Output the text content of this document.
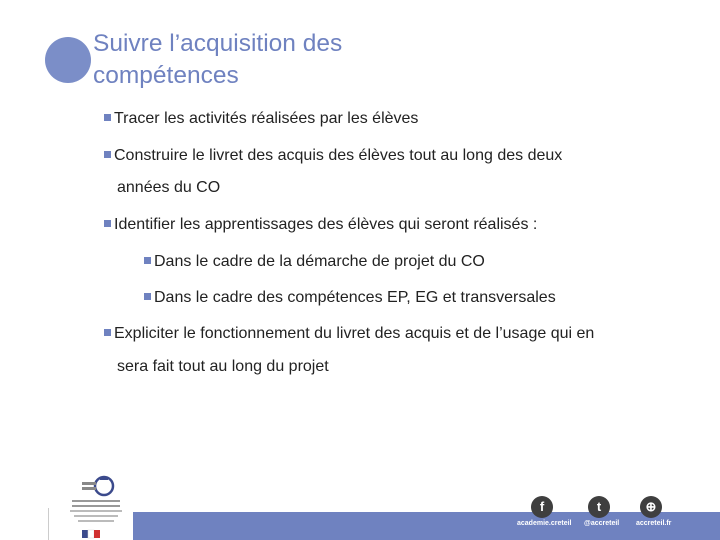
Suivre l’acquisition des
compétences
Tracer les activités réalisées par les élèves
Construire le livret des acquis des élèves tout au long des deux
années du CO
Identifier les apprentissages des élèves qui seront réalisés :
Dans le cadre de la démarche de projet du CO
Dans le cadre des compétences EP, EG et transversales
Expliciter le fonctionnement du livret des acquis et de l’usage qui en
sera fait tout au long du projet
f
academie.creteil
t
@accreteil
⊕
accreteil.fr
